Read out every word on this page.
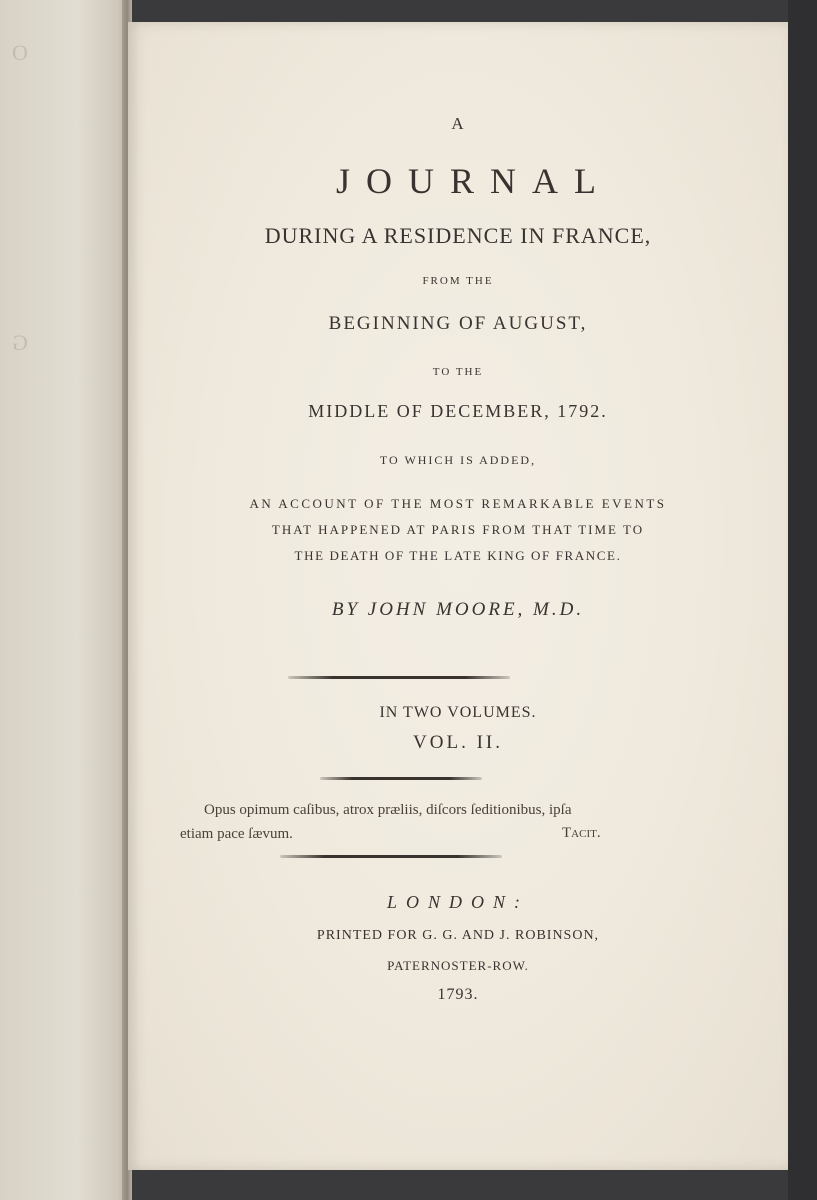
O
G
A
JOURNAL
DURING A RESIDENCE IN FRANCE,
FROM THE
BEGINNING OF AUGUST,
TO THE
MIDDLE OF DECEMBER, 1792.
TO WHICH IS ADDED,
AN ACCOUNT OF THE MOST REMARKABLE EVENTS
THAT HAPPENED AT PARIS FROM THAT TIME TO
THE DEATH OF THE LATE KING OF FRANCE.
BY JOHN MOORE, M.D.
IN TWO VOLUMES.
VOL. II.
Opus opimum caſibus, atrox præliis, diſcors ſeditionibus, ipſa
etiam pace ſævum.	Tacit.
LONDON:
PRINTED FOR G. G. AND J. ROBINSON,
PATERNOSTER-ROW.
1793.
